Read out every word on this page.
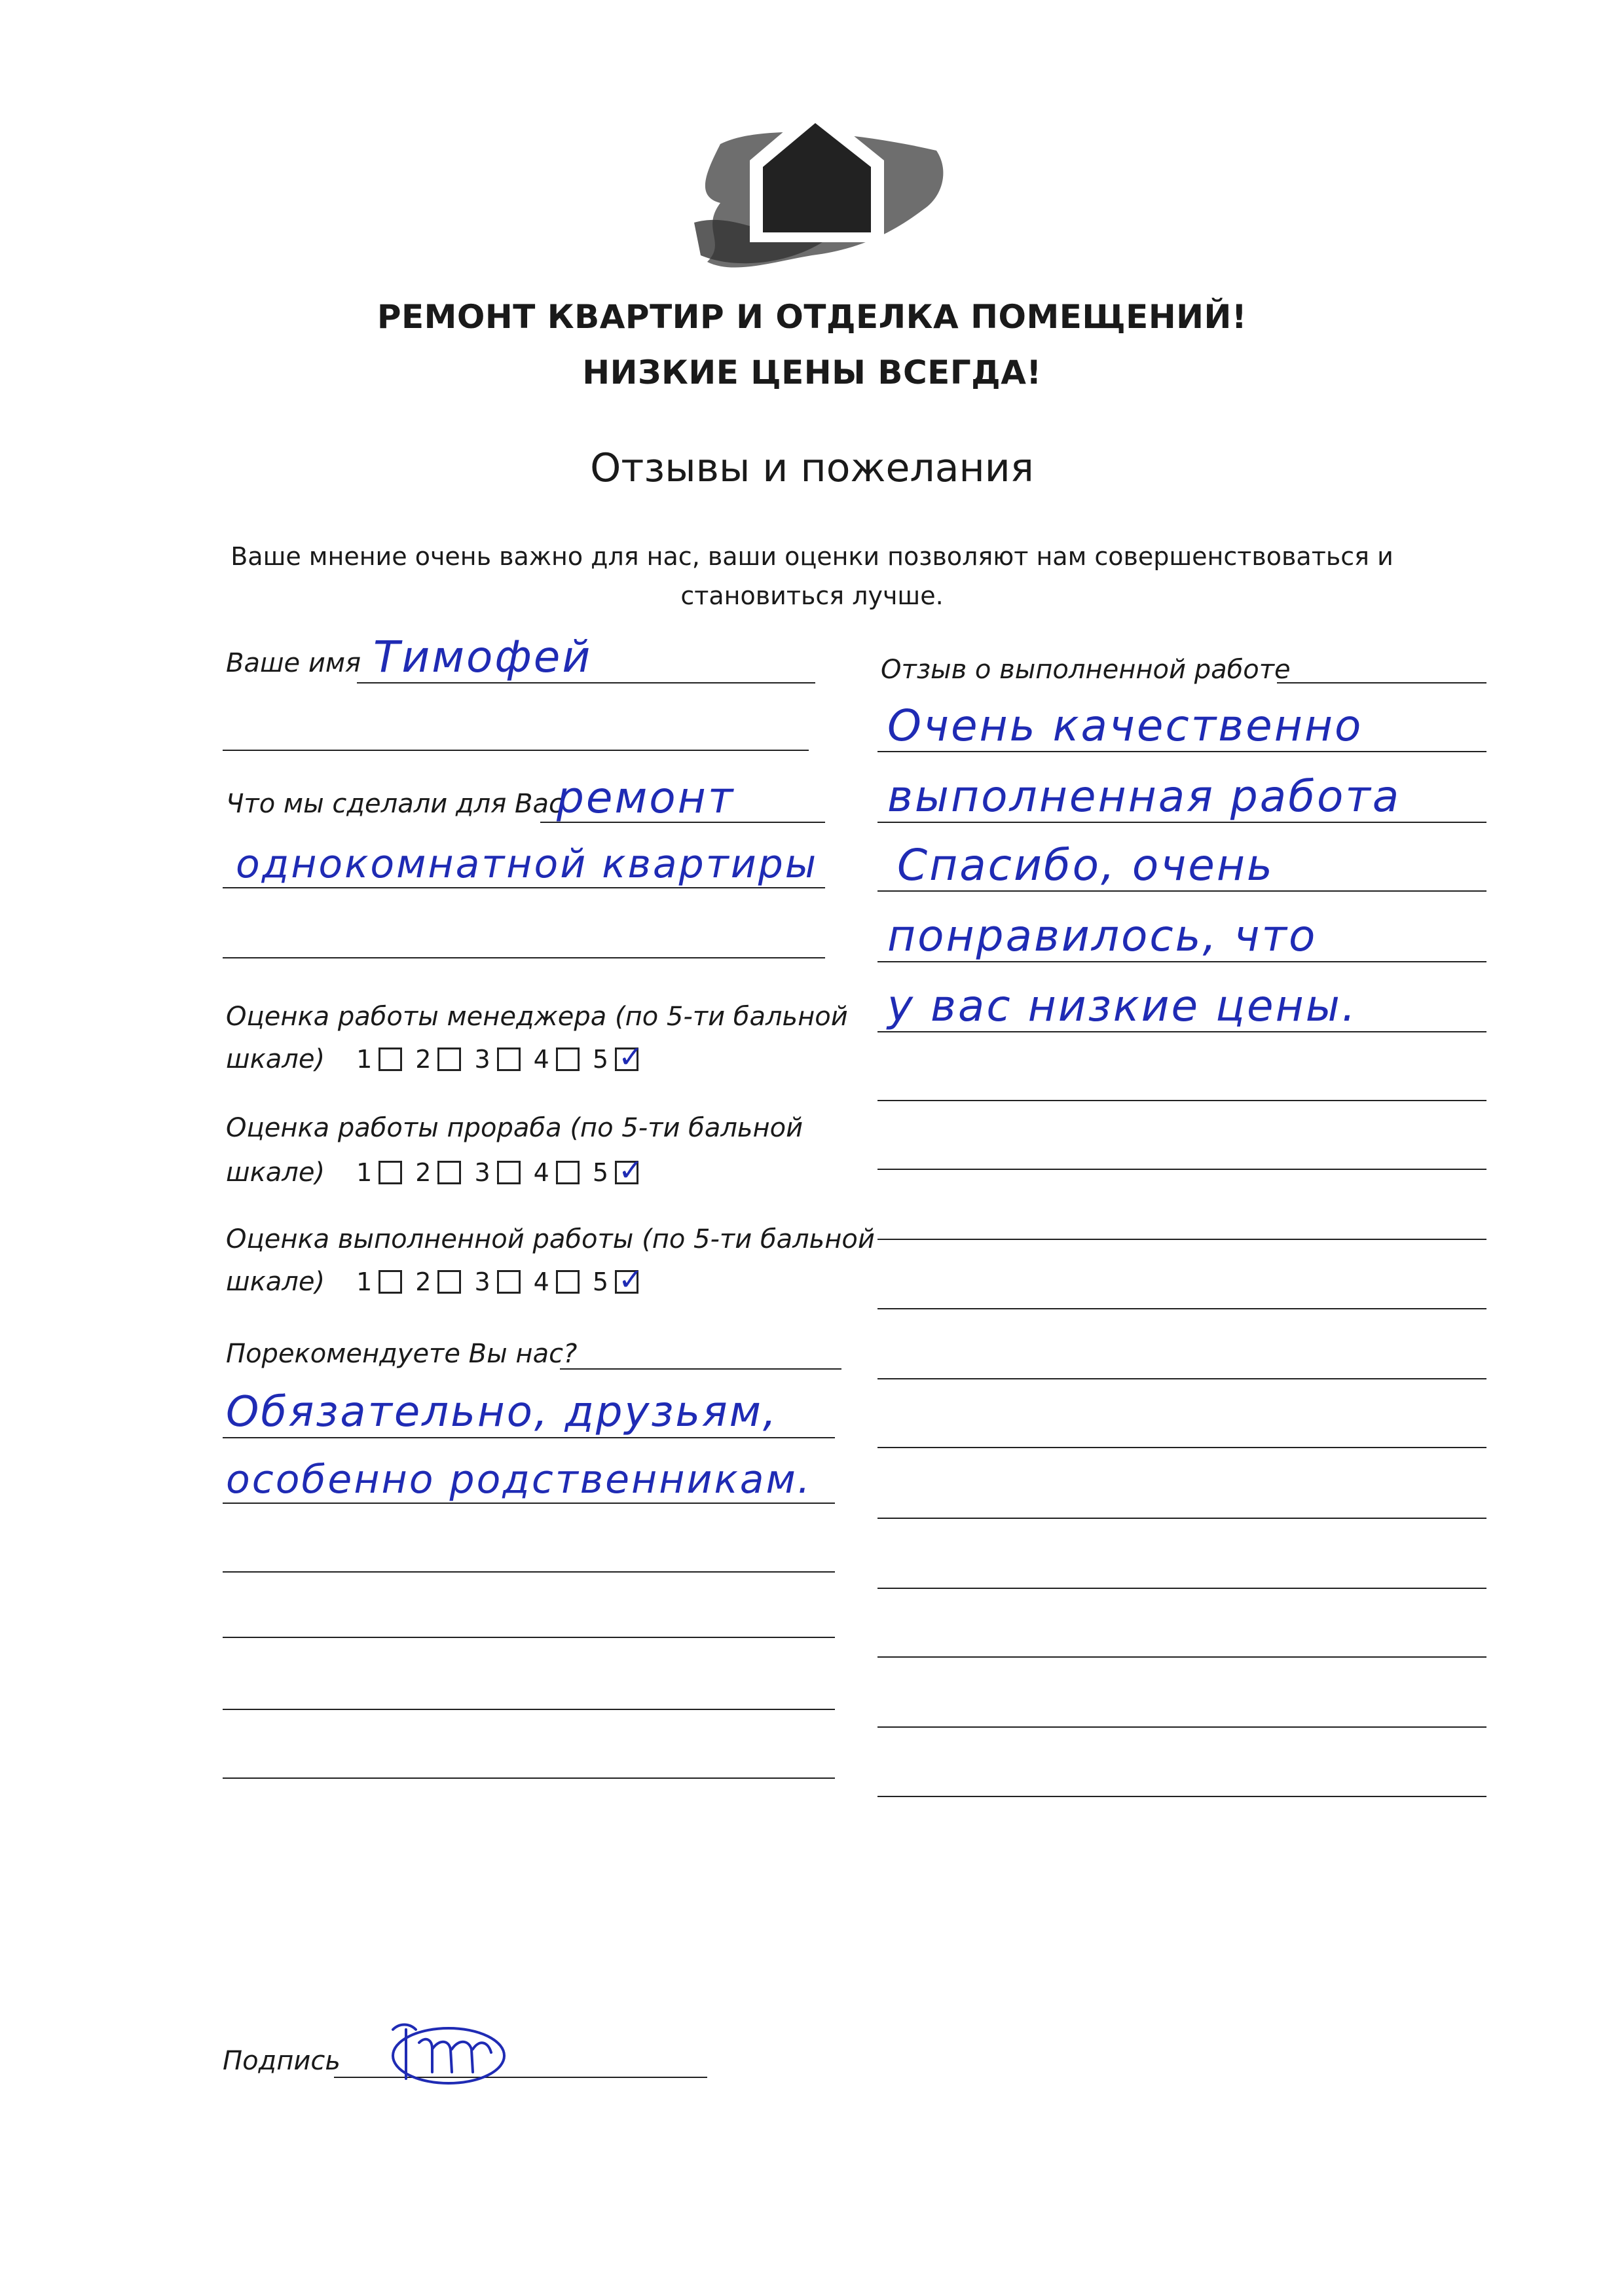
РЕМОНТ КВАРТИР И ОТДЕЛКА ПОМЕЩЕНИЙ!
НИЗКИЕ ЦЕНЫ ВСЕГДА!
Отзывы и пожелания
Ваше мнение очень важно для нас, ваши оценки позволяют нам совершенствоваться и
становиться лучше.
Ваше имя Тимофей
Что мы сделали для Вас
ремонт
однокомнатной квартиры
Оценка работы менеджера (по 5-ти бальной
шкале) 1 2 3 4 5 ✓
Оценка работы прораба (по 5-ти бальной
шкале) 1 2 3 4 5 ✓
Оценка выполненной работы (по 5-ти бальной
шкале) 1 2 3 4 5 ✓
Порекомендуете Вы нас?
Обязательно, друзьям,
особенно родственникам.
Отзыв о выполненной работе
Очень качественно
выполненная работа
Спасибо, очень
понравилось, что
у вас низкие цены.
Подпись
